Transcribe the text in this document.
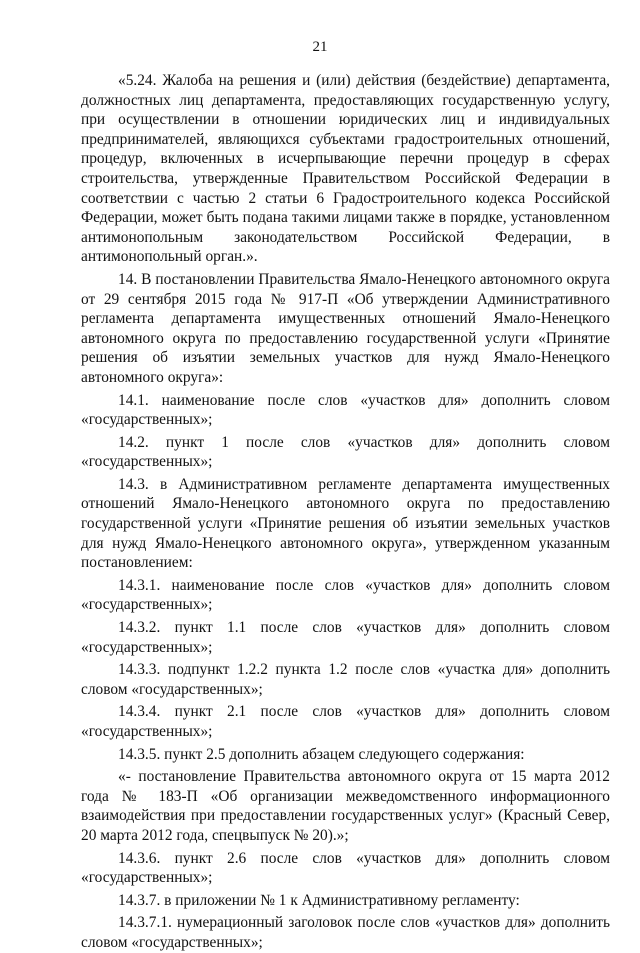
21

«5.24. Жалоба на решения и (или) действия (бездействие) департамента, должностных лиц департамента, предоставляющих государственную услугу, при осуществлении в отношении юридических лиц и индивидуальных предпринимателей, являющихся субъектами градостроительных отношений, процедур, включенных в исчерпывающие перечни процедур в сферах строительства, утвержденные Правительством Российской Федерации в соответствии с частью 2 статьи 6 Градостроительного кодекса Российской Федерации, может быть подана такими лицами также в порядке, установленном антимонопольным законодательством Российской Федерации, в антимонопольный орган.».

14. В постановлении Правительства Ямало-Ненецкого автономного округа от 29 сентября 2015 года № 917-П «Об утверждении Административного регламента департамента имущественных отношений Ямало-Ненецкого автономного округа по предоставлению государственной услуги «Принятие решения об изъятии земельных участков для нужд Ямало-Ненецкого автономного округа»:

14.1. наименование после слов «участков для» дополнить словом «государственных»;

14.2. пункт 1 после слов «участков для» дополнить словом «государственных»;

14.3. в Административном регламенте департамента имущественных отношений Ямало-Ненецкого автономного округа по предоставлению государственной услуги «Принятие решения об изъятии земельных участков для нужд Ямало-Ненецкого автономного округа», утвержденном указанным постановлением:

14.3.1. наименование после слов «участков для» дополнить словом «государственных»;

14.3.2. пункт 1.1 после слов «участков для» дополнить словом «государственных»;

14.3.3. подпункт 1.2.2 пункта 1.2 после слов «участка для» дополнить словом «государственных»;

14.3.4. пункт 2.1 после слов «участков для» дополнить словом «государственных»;

14.3.5. пункт 2.5 дополнить абзацем следующего содержания:

«- постановление Правительства автономного округа от 15 марта 2012 года № 183-П «Об организации межведомственного информационного взаимодействия при предоставлении государственных услуг» (Красный Север, 20 марта 2012 года, спецвыпуск № 20).»;

14.3.6. пункт 2.6 после слов «участков для» дополнить словом «государственных»;

14.3.7. в приложении № 1 к Административному регламенту:

14.3.7.1. нумерационный заголовок после слов «участков для» дополнить словом «государственных»;
